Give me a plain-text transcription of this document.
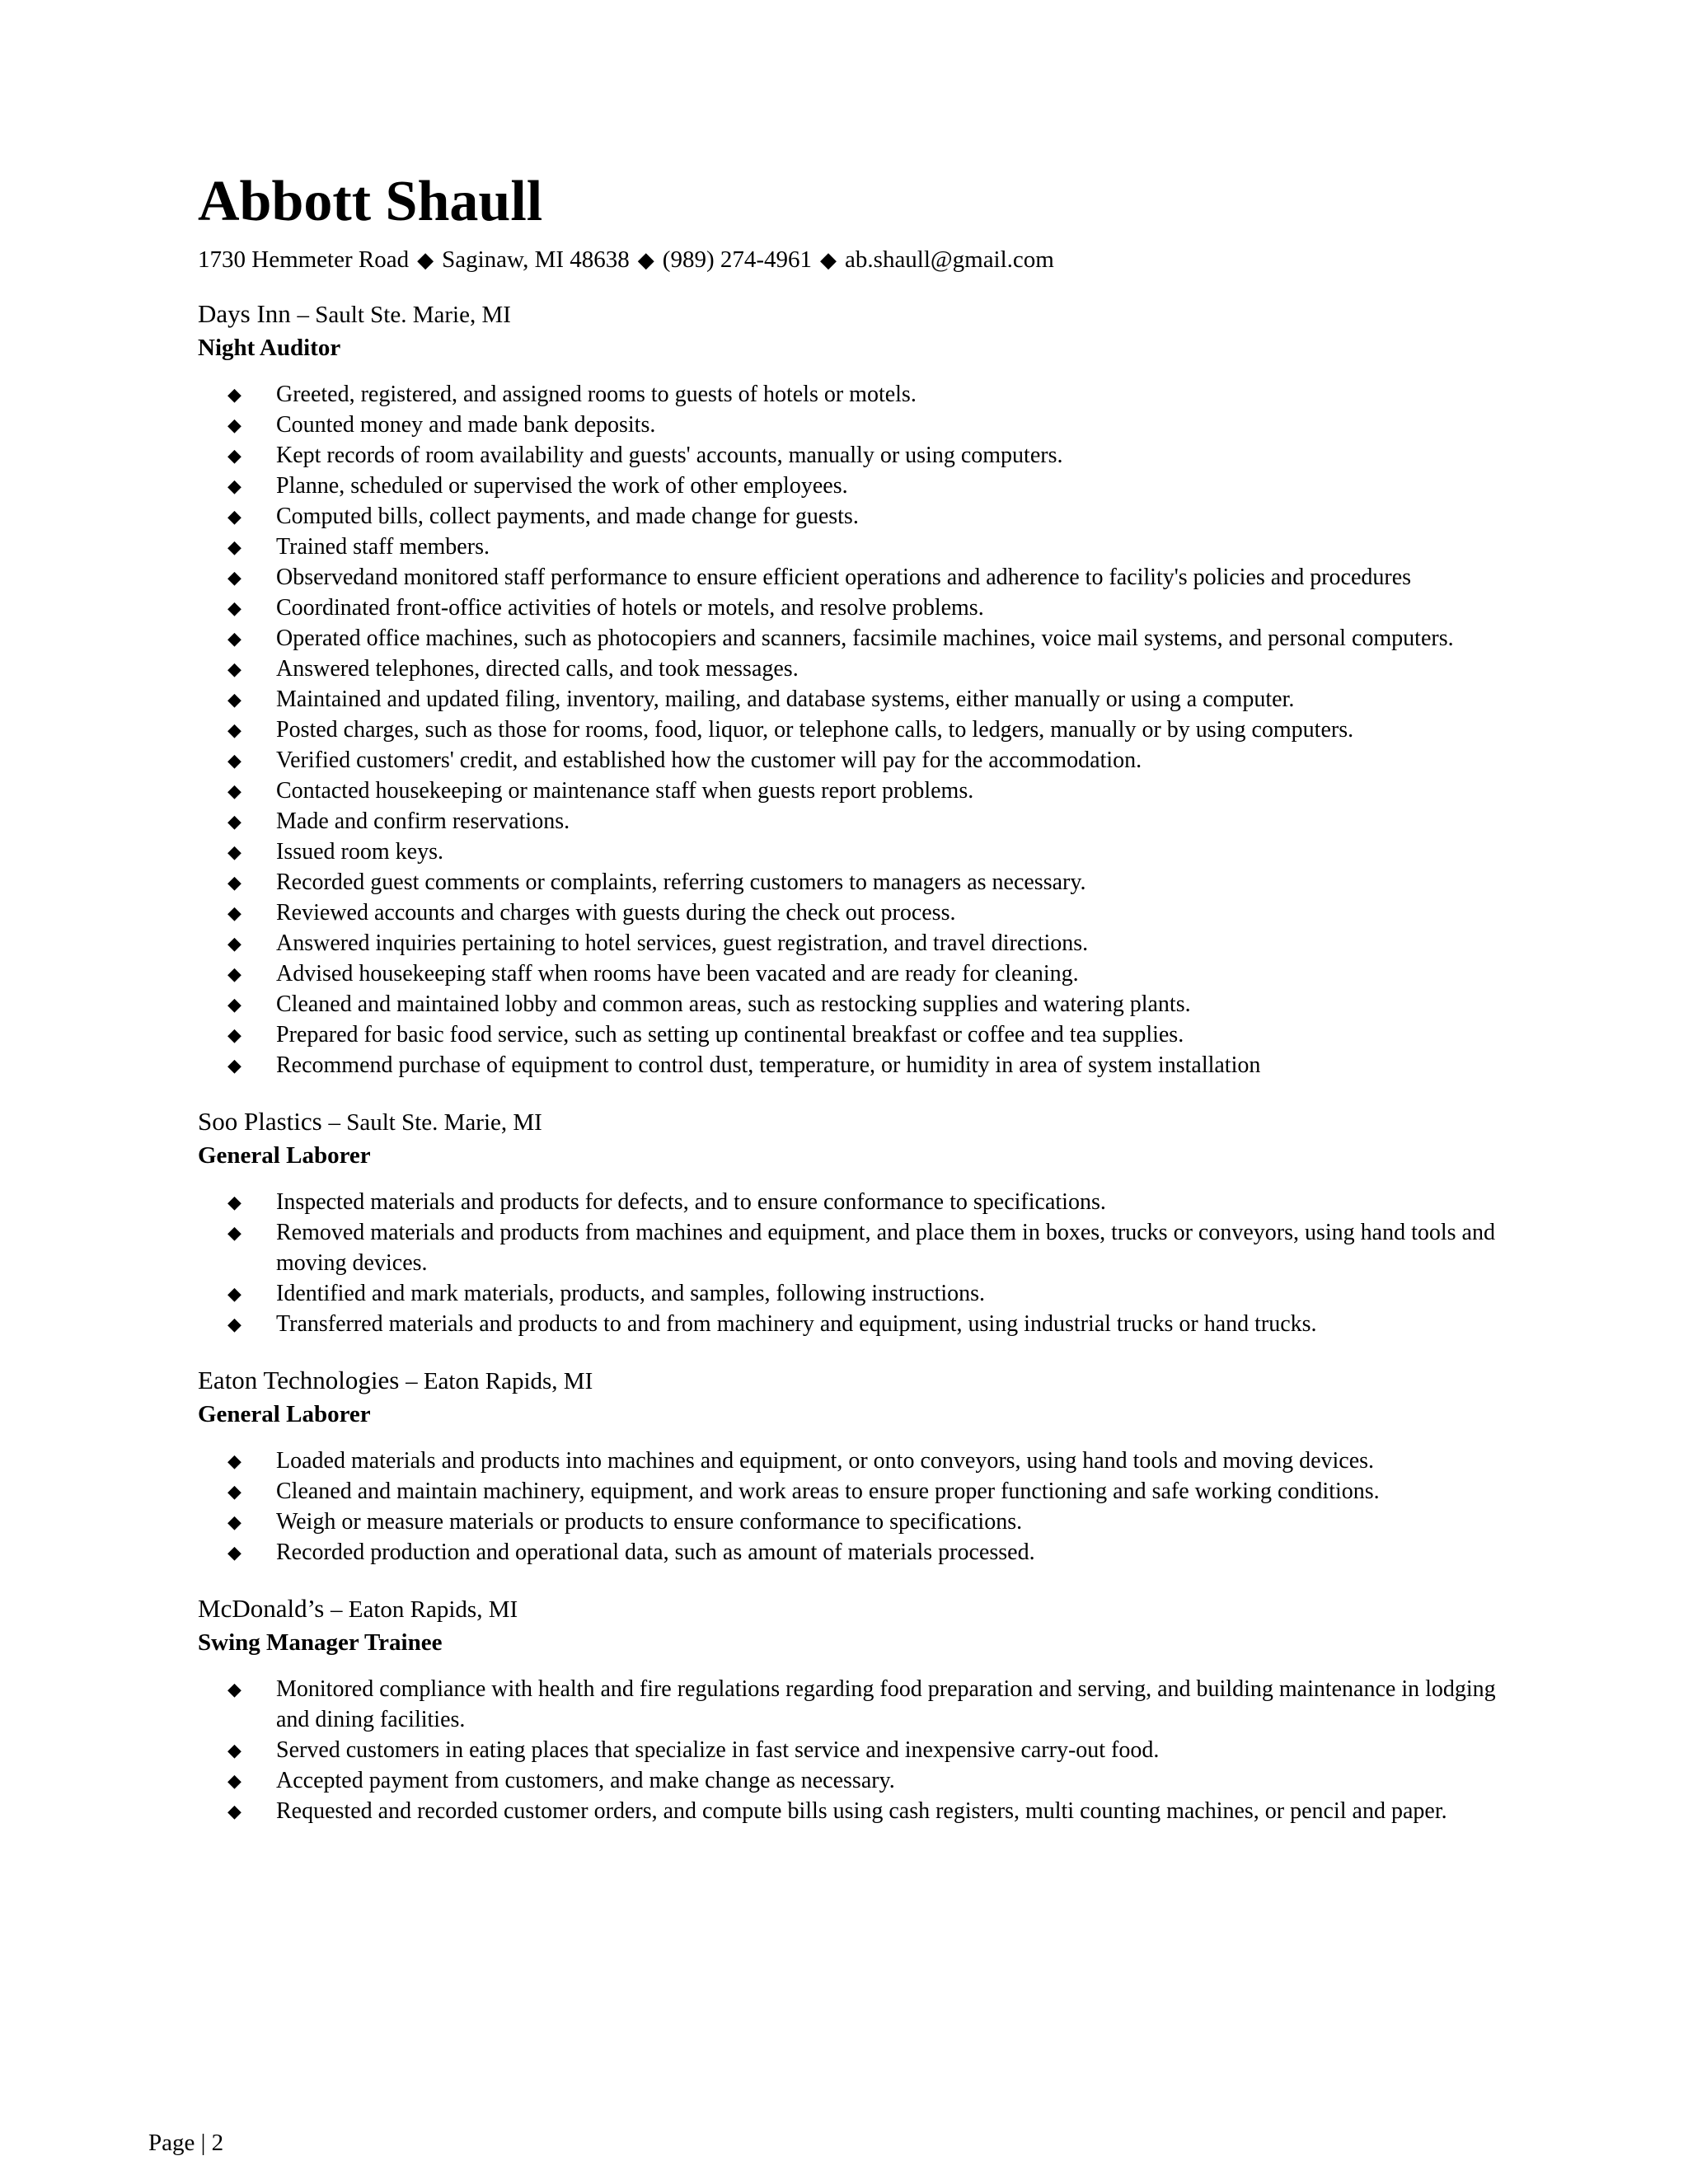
Abbott Shaull
1730 Hemmeter Road ◆ Saginaw, MI 48638 ◆ (989) 274-4961 ◆ ab.shaull@gmail.com
Days Inn – Sault Ste. Marie, MI
Night Auditor
◆ Greeted, registered, and assigned rooms to guests of hotels or motels.
◆ Counted money and made bank deposits.
◆ Kept records of room availability and guests' accounts, manually or using computers.
◆ Planne, scheduled or supervised the work of other employees.
◆ Computed bills, collect payments, and made change for guests.
◆ Trained staff members.
◆ Observedand monitored staff performance to ensure efficient operations and adherence to facility's policies and procedures
◆ Coordinated front-office activities of hotels or motels, and resolve problems.
◆ Operated office machines, such as photocopiers and scanners, facsimile machines, voice mail systems, and personal computers.
◆ Answered telephones, directed calls, and took messages.
◆ Maintained and updated filing, inventory, mailing, and database systems, either manually or using a computer.
◆ Posted charges, such as those for rooms, food, liquor, or telephone calls, to ledgers, manually or by using computers.
◆ Verified customers' credit, and established how the customer will pay for the accommodation.
◆ Contacted housekeeping or maintenance staff when guests report problems.
◆ Made and confirm reservations.
◆ Issued room keys.
◆ Recorded guest comments or complaints, referring customers to managers as necessary.
◆ Reviewed accounts and charges with guests during the check out process.
◆ Answered inquiries pertaining to hotel services, guest registration, and travel directions.
◆ Advised housekeeping staff when rooms have been vacated and are ready for cleaning.
◆ Cleaned and maintained lobby and common areas, such as restocking supplies and watering plants.
◆ Prepared for basic food service, such as setting up continental breakfast or coffee and tea supplies.
◆ Recommend purchase of equipment to control dust, temperature, or humidity in area of system installation
Soo Plastics – Sault Ste. Marie, MI
General Laborer
◆ Inspected materials and products for defects, and to ensure conformance to specifications.
◆ Removed materials and products from machines and equipment, and place them in boxes, trucks or conveyors, using hand tools and moving devices.
◆ Identified and mark materials, products, and samples, following instructions.
◆ Transferred materials and products to and from machinery and equipment, using industrial trucks or hand trucks.
Eaton Technologies – Eaton Rapids, MI
General Laborer
◆ Loaded materials and products into machines and equipment, or onto conveyors, using hand tools and moving devices.
◆ Cleaned and maintain machinery, equipment, and work areas to ensure proper functioning and safe working conditions.
◆ Weigh or measure materials or products to ensure conformance to specifications.
◆ Recorded production and operational data, such as amount of materials processed.
McDonald’s – Eaton Rapids, MI
Swing Manager Trainee
◆ Monitored compliance with health and fire regulations regarding food preparation and serving, and building maintenance in lodging and dining facilities.
◆ Served customers in eating places that specialize in fast service and inexpensive carry-out food.
◆ Accepted payment from customers, and make change as necessary.
◆ Requested and recorded customer orders, and compute bills using cash registers, multi counting machines, or pencil and paper.
Page | 2
